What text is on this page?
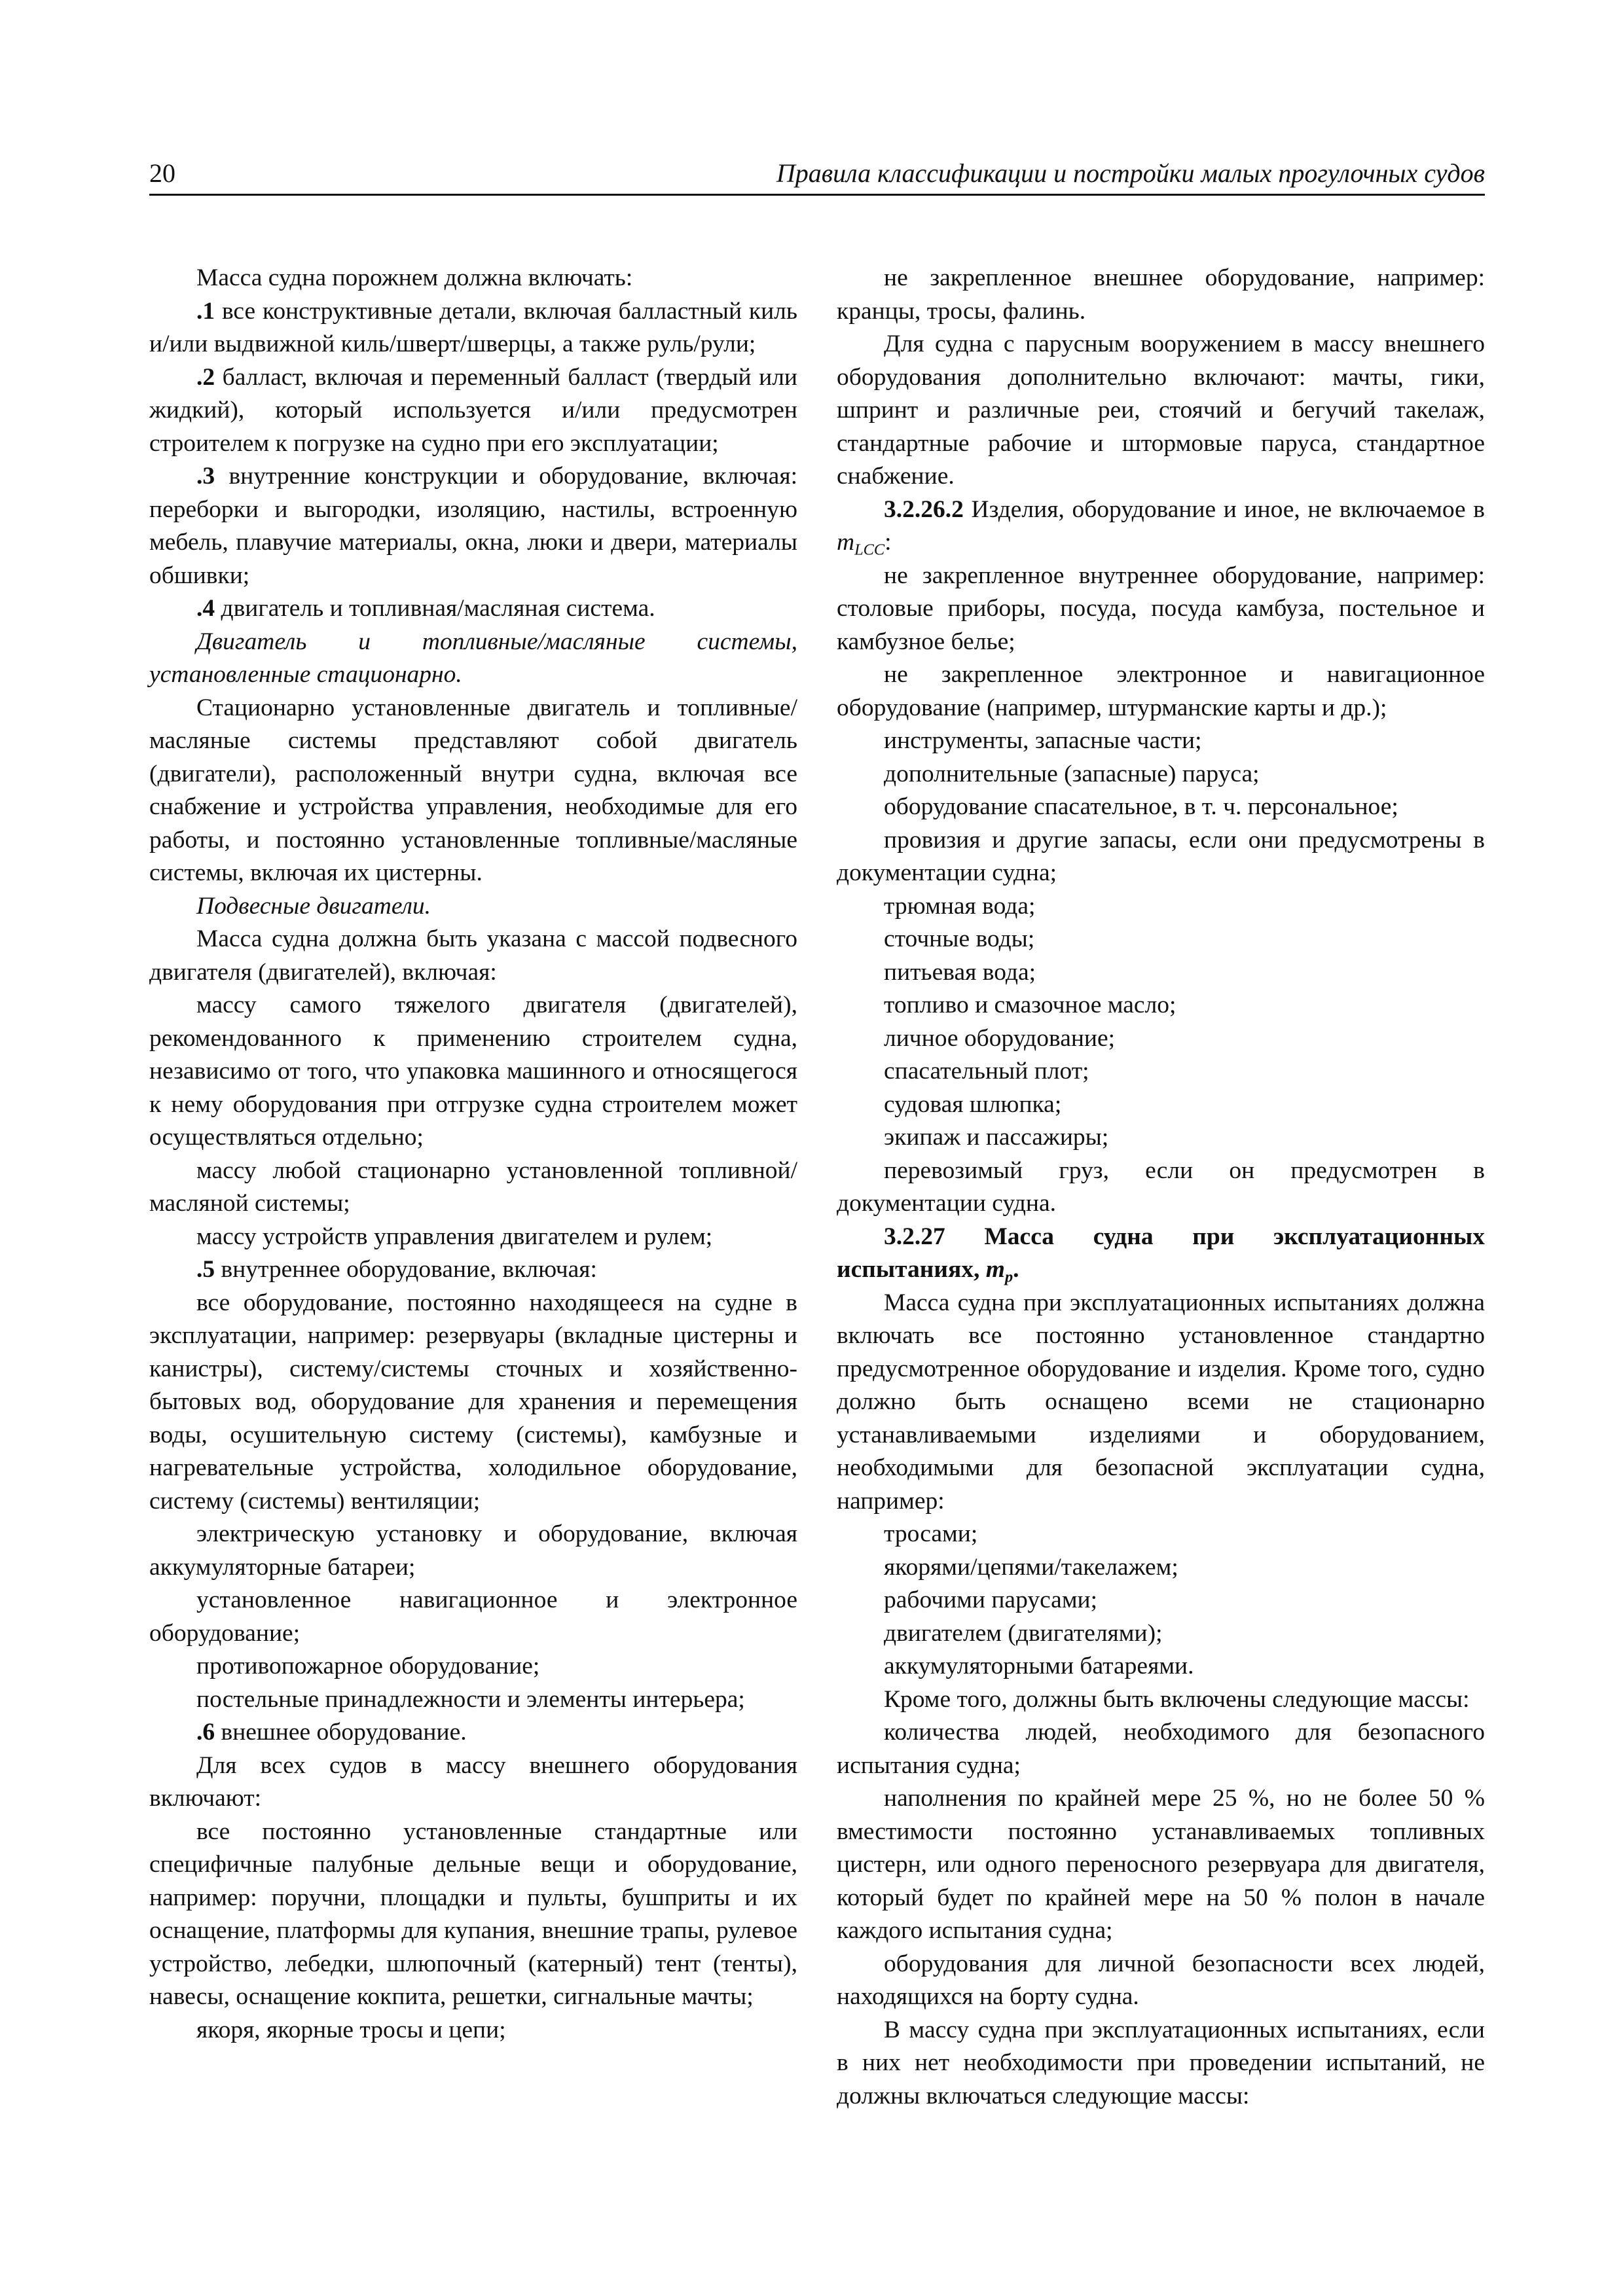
20	Правила классификации и постройки малых прогулочных судов

Масса судна порожнем должна включать:

.1 все конструктивные детали, включая балластный киль и/или выдвижной киль/шверт/шверцы, а также руль/рули;

.2 балласт, включая и переменный балласт (твердый или жидкий), который используется и/или предусмотрен строителем к погрузке на судно при его эксплуатации;

.3 внутренние конструкции и оборудование, включая: переборки и выгородки, изоляцию, настилы, встроенную мебель, плавучие материалы, окна, люки и двери, материалы обшивки;

.4 двигатель и топливная/масляная система.

Двигатель и топливные/масляные системы, установленные стационарно.

Стационарно установленные двигатель и топливные/масляные системы представляют собой двигатель (двигатели), расположенный внутри судна, включая все снабжение и устройства управления, необходимые для его работы, и постоянно установленные топливные/масляные системы, включая их цистерны.

Подвесные двигатели.

Масса судна должна быть указана с массой подвесного двигателя (двигателей), включая:

массу самого тяжелого двигателя (двигателей), рекомендованного к применению строителем судна, независимо от того, что упаковка машинного и относящегося к нему оборудования при отгрузке судна строителем может осуществляться отдельно;

массу любой стационарно установленной топливной/масляной системы;

массу устройств управления двигателем и рулем;

.5 внутреннее оборудование, включая:

все оборудование, постоянно находящееся на судне в эксплуатации, например: резервуары (вкладные цистерны и канистры), систему/системы сточных и хозяйственно-бытовых вод, оборудование для хранения и перемещения воды, осушительную систему (системы), камбузные и нагревательные устройства, холодильное оборудование, систему (системы) вентиляции;

электрическую установку и оборудование, включая аккумуляторные батареи;

установленное навигационное и электронное оборудование;

противопожарное оборудование;

постельные принадлежности и элементы интерьера;

.6 внешнее оборудование.

Для всех судов в массу внешнего оборудования включают:

все постоянно установленные стандартные или специфичные палубные дельные вещи и оборудование, например: поручни, площадки и пульты, бушприты и их оснащение, платформы для купания, внешние трапы, рулевое устройство, лебедки, шлюпочный (катерный) тент (тенты), навесы, оснащение кокпита, решетки, сигнальные мачты;

якоря, якорные тросы и цепи;

не закрепленное внешнее оборудование, например: кранцы, тросы, фалинь.

Для судна с парусным вооружением в массу внешнего оборудования дополнительно включают: мачты, гики, шпринт и различные реи, стоячий и бегучий такелаж, стандартные рабочие и штормовые паруса, стандартное снабжение.

3.2.26.2 Изделия, оборудование и иное, не включаемое в $m_{LCC}$:

не закрепленное внутреннее оборудование, например: столовые приборы, посуда, посуда камбуза, постельное и камбузное белье;

не закрепленное электронное и навигационное оборудование (например, штурманские карты и др.);

инструменты, запасные части;

дополнительные (запасные) паруса;

оборудование спасательное, в т. ч. персональное;

провизия и другие запасы, если они предусмотрены в документации судна;

трюмная вода;

сточные воды;

питьевая вода;

топливо и смазочное масло;

личное оборудование;

спасательный плот;

судовая шлюпка;

экипаж и пассажиры;

перевозимый груз, если он предусмотрен в документации судна.

3.2.27 Масса судна при эксплуатационных испытаниях, $m_p$.

Масса судна при эксплуатационных испытаниях должна включать все постоянно установленное стандартно предусмотренное оборудование и изделия. Кроме того, судно должно быть оснащено всеми не стационарно устанавливаемыми изделиями и оборудованием, необходимыми для безопасной эксплуатации судна, например:

тросами;

якорями/цепями/такелажем;

рабочими парусами;

двигателем (двигателями);

аккумуляторными батареями.

Кроме того, должны быть включены следующие массы:

количества людей, необходимого для безопасного испытания судна;

наполнения по крайней мере 25 %, но не более 50 % вместимости постоянно устанавливаемых топливных цистерн, или одного переносного резервуара для двигателя, который будет по крайней мере на 50 % полон в начале каждого испытания судна;

оборудования для личной безопасности всех людей, находящихся на борту судна.

В массу судна при эксплуатационных испытаниях, если в них нет необходимости при проведении испытаний, не должны включаться следующие массы:
